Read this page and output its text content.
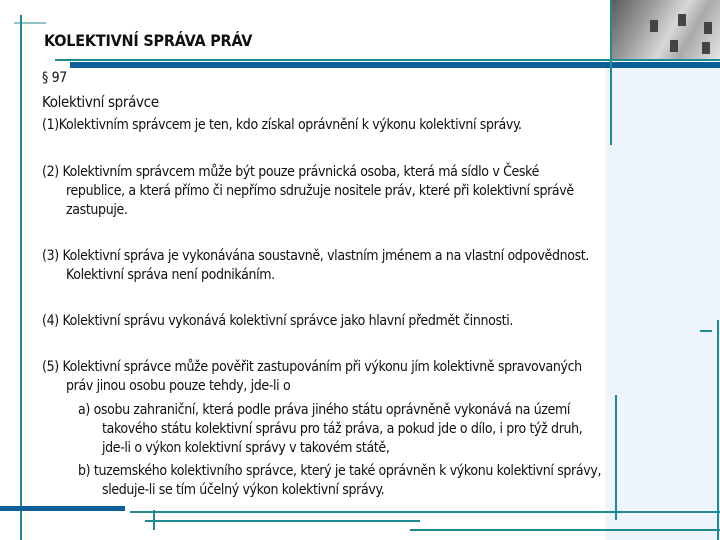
KOLEKTIVNÍ SPRÁVA PRÁV
§ 97
Kolektivní správce
(1)Kolektivním správcem je ten, kdo získal oprávnění k výkonu kolektivní správy.
(2) Kolektivním správcem může být pouze právnická osoba, která má sídlo v České
republice, a která přímo či nepřímo sdružuje nositele práv, které při kolektivní správě
zastupuje.
(3) Kolektivní správa je vykonávána soustavně, vlastním jménem a na vlastní odpovědnost.
Kolektivní správa není podnikáním.
(4) Kolektivní správu vykonává kolektivní správce jako hlavní předmět činnosti.
(5) Kolektivní správce může pověřit zastupováním při výkonu jím kolektivně spravovaných
práv jinou osobu pouze tehdy, jde-li o
a) osobu zahraniční, která podle práva jiného státu oprávněně vykonává na území
takového státu kolektivní správu pro táž práva, a pokud jde o dílo, i pro týž druh,
jde-li o výkon kolektivní správy v takovém státě,
b) tuzemského kolektivního správce, který je také oprávněn k výkonu kolektivní správy,
sleduje-li se tím účelný výkon kolektivní správy.
